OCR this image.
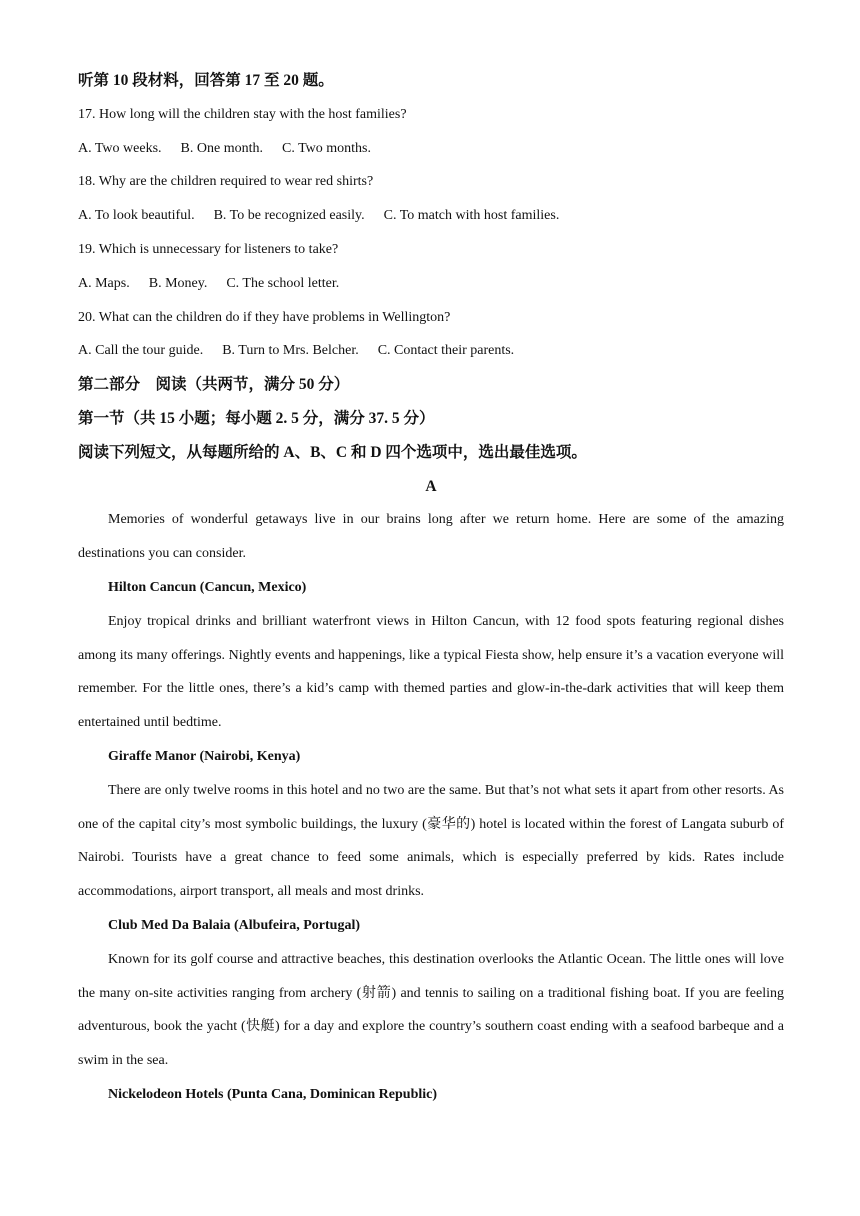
听第 10 段材料，回答第 17 至 20 题。
17. How long will the children stay with the host families?
A. Two weeks. B. One month. C. Two months.
18. Why are the children required to wear red shirts?
A. To look beautiful. B. To be recognized easily. C. To match with host families.
19. Which is unnecessary for listeners to take?
A. Maps. B. Money. C. The school letter.
20. What can the children do if they have problems in Wellington?
A. Call the tour guide. B. Turn to Mrs. Belcher. C. Contact their parents.
第二部分　阅读（共两节，满分 50 分）
第一节（共 15 小题；每小题 2. 5 分，满分 37. 5 分）
阅读下列短文，从每题所给的 A、B、C 和 D 四个选项中，选出最佳选项。
A

Memories of wonderful getaways live in our brains long after we return home. Here are some of the amazing destinations you can consider.

Hilton Cancun (Cancun, Mexico)

Enjoy tropical drinks and brilliant waterfront views in Hilton Cancun, with 12 food spots featuring regional dishes among its many offerings. Nightly events and happenings, like a typical Fiesta show, help ensure it’s a vacation everyone will remember. For the little ones, there’s a kid’s camp with themed parties and glow-in-the-dark activities that will keep them entertained until bedtime.

Giraffe Manor (Nairobi, Kenya)

There are only twelve rooms in this hotel and no two are the same. But that’s not what sets it apart from other resorts. As one of the capital city’s most symbolic buildings, the luxury (豪华的) hotel is located within the forest of Langata suburb of Nairobi. Tourists have a great chance to feed some animals, which is especially preferred by kids. Rates include accommodations, airport transport, all meals and most drinks.

Club Med Da Balaia (Albufeira, Portugal)

Known for its golf course and attractive beaches, this destination overlooks the Atlantic Ocean. The little ones will love the many on-site activities ranging from archery (射箭) and tennis to sailing on a traditional fishing boat. If you are feeling adventurous, book the yacht (快艇) for a day and explore the country’s southern coast ending with a seafood barbeque and a swim in the sea.

Nickelodeon Hotels (Punta Cana, Dominican Republic)
